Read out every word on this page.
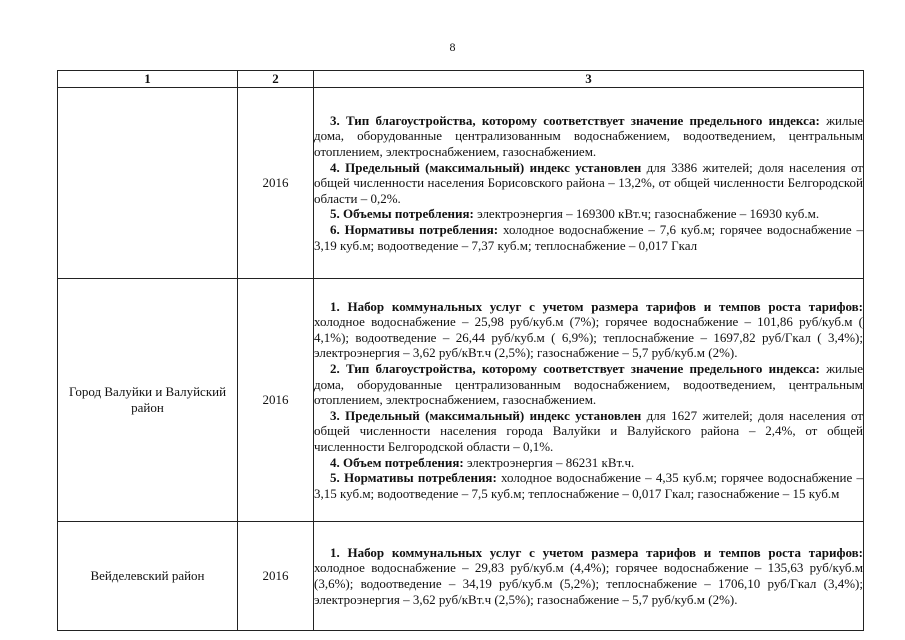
8
1	2	3
	2016	3. Тип благоустройства, которому соответствует значение предельного индекса: жилые дома, оборудованные централизованным водоснабжением, водоотведением, центральным отоплением, электроснабжением, газоснабжением.

4. Предельный (максимальный) индекс установлен для 3386 жителей; доля населения от общей численности населения Борисовского района – 13,2%, от общей численности Белгородской области – 0,2%.

5. Объемы потребления: электроэнергия – 169300 кВт.ч; газоснабжение – 16930 куб.м.

6. Нормативы потребления: холодное водоснабжение – 7,6 куб.м; горячее водоснабжение – 3,19 куб.м; водоотведение – 7,37 куб.м; теплоснабжение – 0,017 Гкал

Город Валуйки и Валуйский район	2016	1. Набор коммунальных услуг с учетом размера тарифов и темпов роста тарифов: холодное водоснабжение – 25,98 руб/куб.м (7%); горячее водоснабжение – 101,86 руб/куб.м ( 4,1%); водоотведение – 26,44 руб/куб.м ( 6,9%); теплоснабжение – 1697,82 руб/Гкал ( 3,4%); электроэнергия – 3,62 руб/кВт.ч (2,5%); газоснабжение – 5,7 руб/куб.м (2%).

2. Тип благоустройства, которому соответствует значение предельного индекса: жилые дома, оборудованные централизованным водоснабжением, водоотведением, центральным отоплением, электроснабжением, газоснабжением.

3. Предельный (максимальный) индекс установлен для 1627 жителей; доля населения от общей численности населения города Валуйки и Валуйского района – 2,4%, от общей численности Белгородской области – 0,1%.

4. Объем потребления: электроэнергия – 86231 кВт.ч.

5. Нормативы потребления: холодное водоснабжение – 4,35 куб.м; горячее водоснабжение – 3,15 куб.м; водоотведение – 7,5 куб.м; теплоснабжение – 0,017 Гкал; газоснабжение – 15 куб.м

Вейделевский район	2016	1. Набор коммунальных услуг с учетом размера тарифов и темпов роста тарифов: холодное водоснабжение – 29,83 руб/куб.м (4,4%); горячее водоснабжение – 135,63 руб/куб.м (3,6%); водоотведение – 34,19 руб/куб.м (5,2%); теплоснабжение – 1706,10 руб/Гкал (3,4%); электроэнергия – 3,62 руб/кВт.ч (2,5%); газоснабжение – 5,7 руб/куб.м (2%).
